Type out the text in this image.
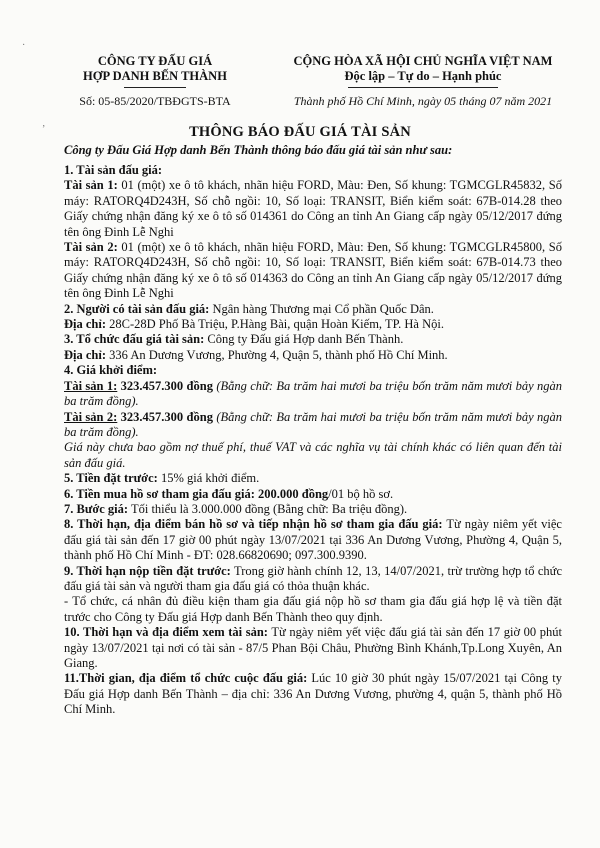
·
‚
CÔNG TY ĐẤU GIÁ
HỢP DANH BẾN THÀNH
Số: 05-85/2020/TBĐGTS-BTA
CỘNG HÒA XÃ HỘI CHỦ NGHĨA VIỆT NAM
Độc lập – Tự do – Hạnh phúc
Thành phố Hồ Chí Minh, ngày 05 tháng 07 năm 2021
THÔNG BÁO ĐẤU GIÁ TÀI SẢN
Công ty Đấu Giá Hợp danh Bến Thành thông báo đấu giá tài sản như sau:

1. Tài sản đấu giá:

Tài sản 1: 01 (một) xe ô tô khách, nhãn hiệu FORD, Màu: Đen, Số khung: TGMCGLR45832, Số máy: RATORQ4D243H, Số chỗ ngồi: 10, Số loại: TRANSIT, Biển kiểm soát: 67B-014.28 theo Giấy chứng nhận đăng ký xe ô tô số 014361 do Công an tỉnh An Giang cấp ngày 05/12/2017 đứng tên ông Đinh Lễ Nghi

Tài sản 2: 01 (một) xe ô tô khách, nhãn hiệu FORD, Màu: Đen, Số khung: TGMCGLR45800, Số máy: RATORQ4D243H, Số chỗ ngồi: 10, Số loại: TRANSIT, Biển kiểm soát: 67B-014.73 theo Giấy chứng nhận đăng ký xe ô tô số 014363 do Công an tỉnh An Giang cấp ngày 05/12/2017 đứng tên ông Đinh Lễ Nghi

2. Người có tài sản đấu giá: Ngân hàng Thương mại Cổ phần Quốc Dân.

Địa chỉ: 28C-28D Phố Bà Triệu, P.Hàng Bài, quận Hoàn Kiếm, TP. Hà Nội.

3. Tổ chức đấu giá tài sản: Công ty Đấu giá Hợp danh Bến Thành.

Địa chỉ: 336 An Dương Vương, Phường 4, Quận 5, thành phố Hồ Chí Minh.

4. Giá khởi điểm:

Tài sản 1: 323.457.300 đồng (Bằng chữ: Ba trăm hai mươi ba triệu bốn trăm năm mươi bảy ngàn ba trăm đồng).

Tài sản 2: 323.457.300 đồng (Bằng chữ: Ba trăm hai mươi ba triệu bốn trăm năm mươi bảy ngàn ba trăm đồng).

Giá này chưa bao gồm nợ thuế phí, thuế VAT và các nghĩa vụ tài chính khác có liên quan đến tài sản đấu giá.

5. Tiền đặt trước: 15% giá khởi điểm.

6. Tiền mua hồ sơ tham gia đấu giá: 200.000 đồng/01 bộ hồ sơ.

7. Bước giá: Tối thiểu là 3.000.000 đồng (Bằng chữ: Ba triệu đồng).

8. Thời hạn, địa điểm bán hồ sơ và tiếp nhận hồ sơ tham gia đấu giá: Từ ngày niêm yết việc đấu giá tài sản đến 17 giờ 00 phút ngày 13/07/2021 tại 336 An Dương Vương, Phường 4, Quận 5, thành phố Hồ Chí Minh - ĐT: 028.66820690; 097.300.9390.

9. Thời hạn nộp tiền đặt trước: Trong giờ hành chính 12, 13, 14/07/2021, trừ trường hợp tổ chức đấu giá tài sản và người tham gia đấu giá có thỏa thuận khác.

- Tổ chức, cá nhân đủ điều kiện tham gia đấu giá nộp hồ sơ tham gia đấu giá hợp lệ và tiền đặt trước cho Công ty Đấu giá Hợp danh Bến Thành theo quy định.

10. Thời hạn và địa điểm xem tài sản: Từ ngày niêm yết việc đấu giá tài sản đến 17 giờ 00 phút ngày 13/07/2021 tại nơi có tài sản - 87/5 Phan Bội Châu, Phường Bình Khánh,Tp.Long Xuyên, An Giang.

11.Thời gian, địa điểm tổ chức cuộc đấu giá: Lúc 10 giờ 30 phút ngày 15/07/2021 tại Công ty Đấu giá Hợp danh Bến Thành – địa chỉ: 336 An Dương Vương, phường 4, quận 5, thành phố Hồ Chí Minh.
